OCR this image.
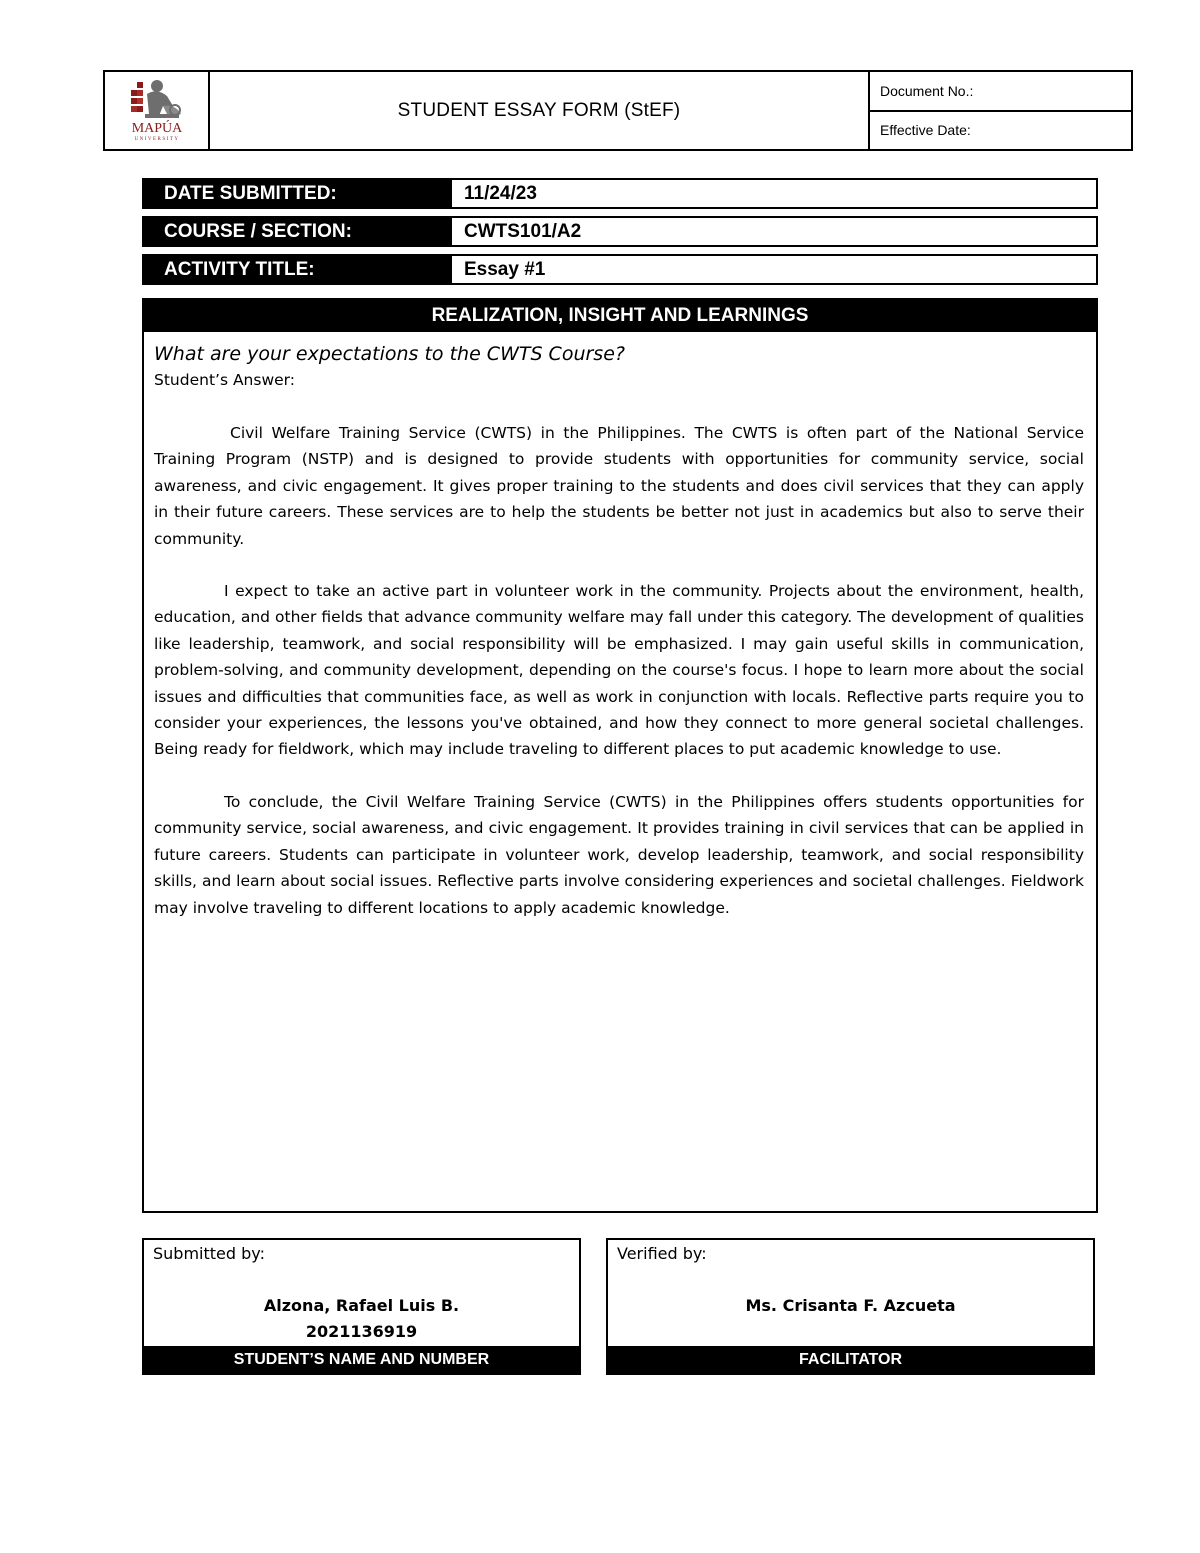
MAPÚA
UNIVERSITY
STUDENT ESSAY FORM (StEF)
Document No.:
Effective Date:
DATE SUBMITTED:	11/24/23
COURSE / SECTION:	CWTS101/A2
ACTIVITY TITLE:	Essay #1
REALIZATION, INSIGHT AND LEARNINGS

What are your expectations to the CWTS Course?

Student’s Answer:

Civil Welfare Training Service (CWTS) in the Philippines. The CWTS is often part of the National Service Training Program (NSTP) and is designed to provide students with opportunities for community service, social awareness, and civic engagement. It gives proper training to the students and does civil services that they can apply in their future careers. These services are to help the students be better not just in academics but also to serve their community.

I expect to take an active part in volunteer work in the community. Projects about the environment, health, education, and other fields that advance community welfare may fall under this category. The development of qualities like leadership, teamwork, and social responsibility will be emphasized. I may gain useful skills in communication, problem-solving, and community development, depending on the course's focus. I hope to learn more about the social issues and difficulties that communities face, as well as work in conjunction with locals. Reflective parts require you to consider your experiences, the lessons you've obtained, and how they connect to more general societal challenges. Being ready for fieldwork, which may include traveling to different places to put academic knowledge to use.

To conclude, the Civil Welfare Training Service (CWTS) in the Philippines offers students opportunities for community service, social awareness, and civic engagement. It provides training in civil services that can be applied in future careers. Students can participate in volunteer work, develop leadership, teamwork, and social responsibility skills, and learn about social issues. Reflective parts involve considering experiences and societal challenges. Fieldwork may involve traveling to different locations to apply academic knowledge.

Submitted by:
Alzona, Rafael Luis B.
2021136919
STUDENT’S NAME AND NUMBER
Verified by:
Ms. Crisanta F. Azcueta
FACILITATOR
